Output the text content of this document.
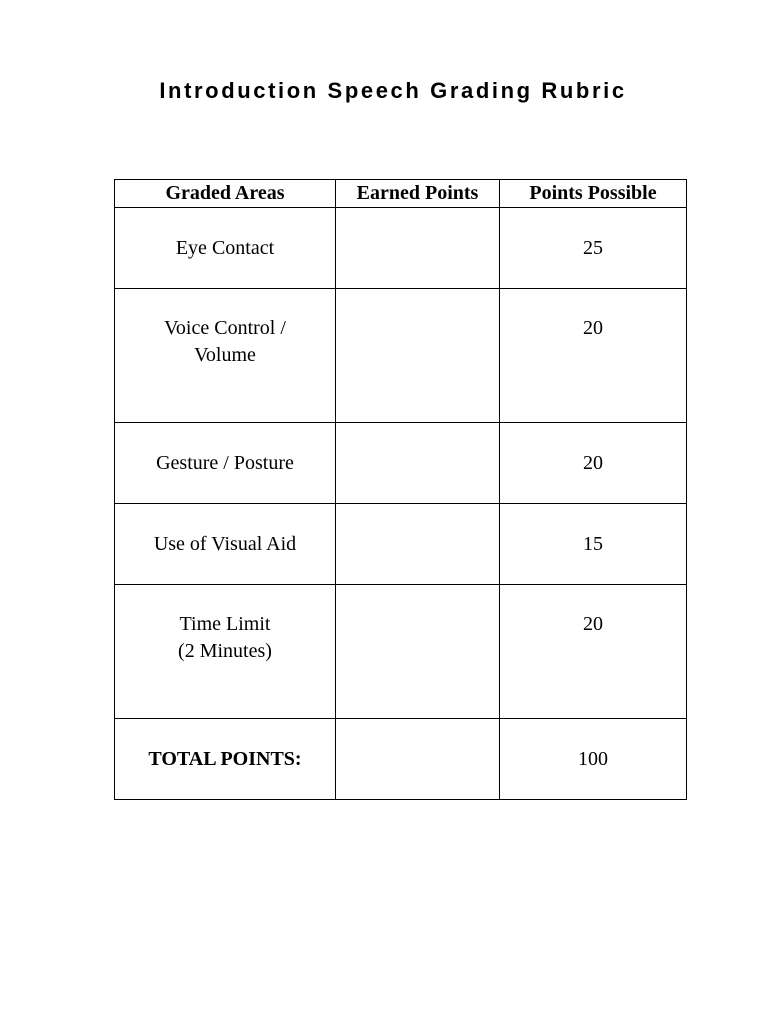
Introduction Speech Grading Rubric
Graded Areas	Earned Points	Points Possible

Eye Contact		25

Voice Control /
Volume		20

Gesture / Posture		20

Use of Visual Aid		15

Time Limit
(2 Minutes)		20
TOTAL POINTS:		100
